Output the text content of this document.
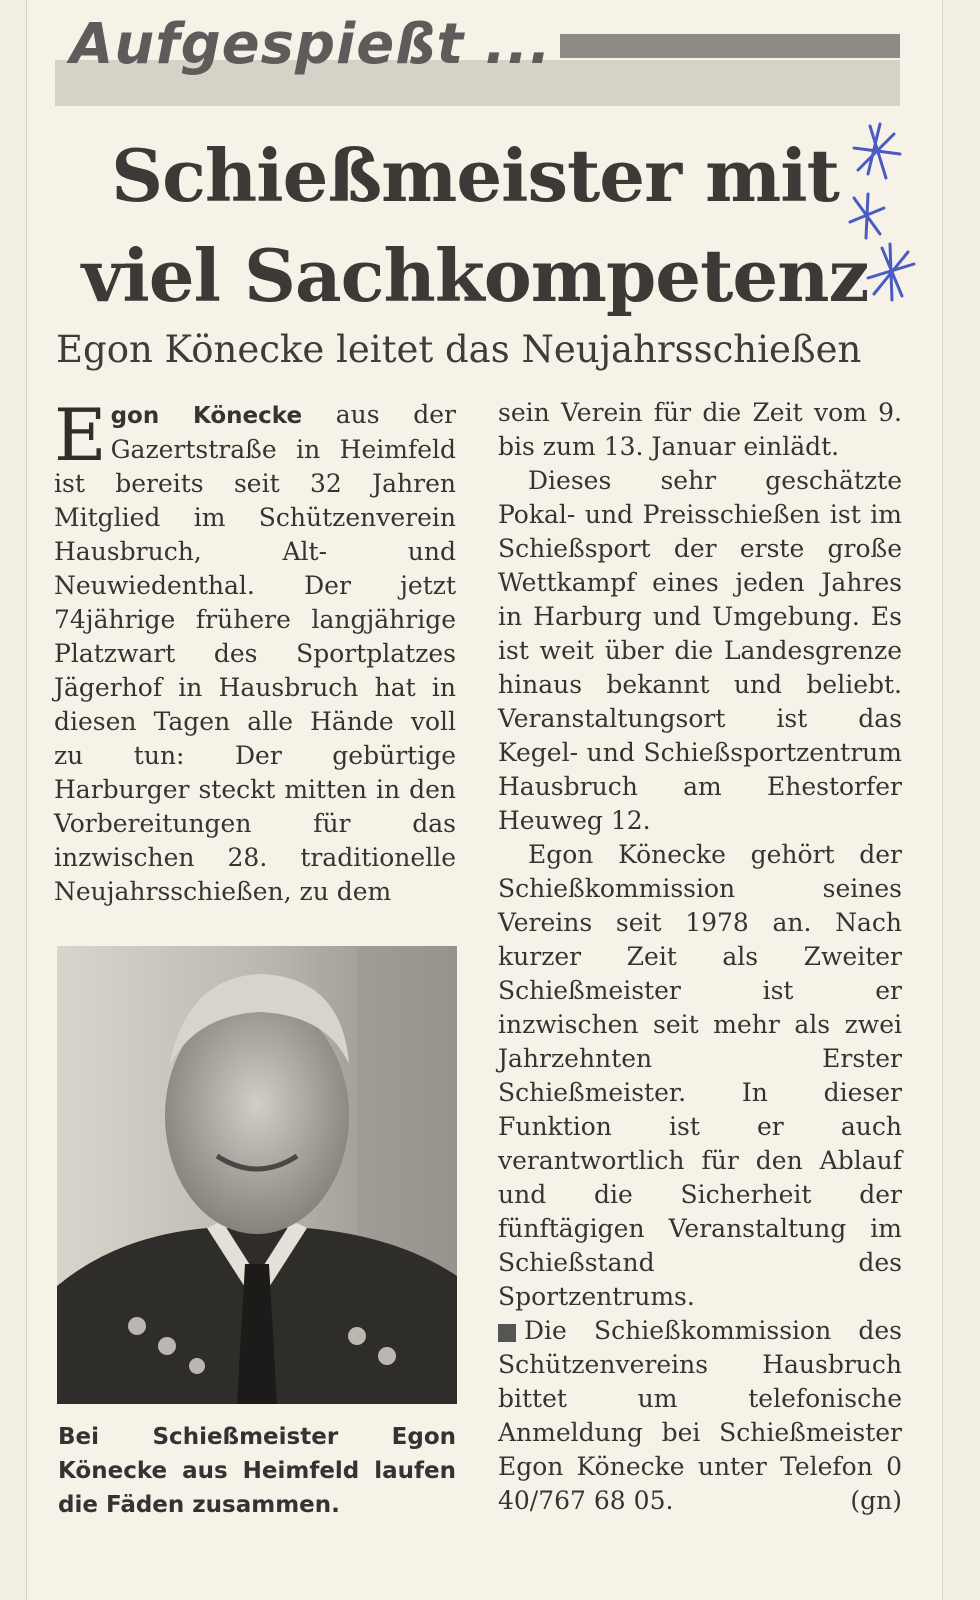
Aufgespießt ...
Schießmeister mit
viel Sachkompetenz
Egon Könecke leitet das Neujahrsschießen

Egon Könecke aus der Gazertstraße in Heimfeld ist bereits seit 32 Jahren Mitglied im Schützenverein Hausbruch, Alt- und Neuwiedenthal. Der jetzt 74jährige frühere langjährige Platzwart des Sportplatzes Jägerhof in Hausbruch hat in diesen Tagen alle Hände voll zu tun: Der gebürtige Harburger steckt mitten in den Vorbereitungen für das inzwischen 28. traditionelle Neujahrsschießen, zu dem

sein Verein für die Zeit vom 9. bis zum 13. Januar einlädt.

Dieses sehr geschätzte Pokal- und Preisschießen ist im Schießsport der erste große Wettkampf eines jeden Jahres in Harburg und Umgebung. Es ist weit über die Landesgrenze hinaus bekannt und beliebt. Veranstaltungsort ist das Kegel- und Schießsportzentrum Hausbruch am Ehestorfer Heuweg 12.

Egon Könecke gehört der Schießkommission seines Vereins seit 1978 an. Nach kurzer Zeit als Zweiter Schießmeister ist er inzwischen seit mehr als zwei Jahrzehnten Erster Schießmeister. In dieser Funktion ist er auch verantwortlich für den Ablauf und die Sicherheit der fünftägigen Veranstaltung im Schießstand des Sportzentrums.

Die Schießkommission des Schützenvereins Hausbruch bittet um telefonische Anmeldung bei Schießmeister Egon Könecke unter Telefon 0 40/767 68 05.	(gn)

Bei Schießmeister Egon Könecke aus Heimfeld laufen die Fäden zusammen.
